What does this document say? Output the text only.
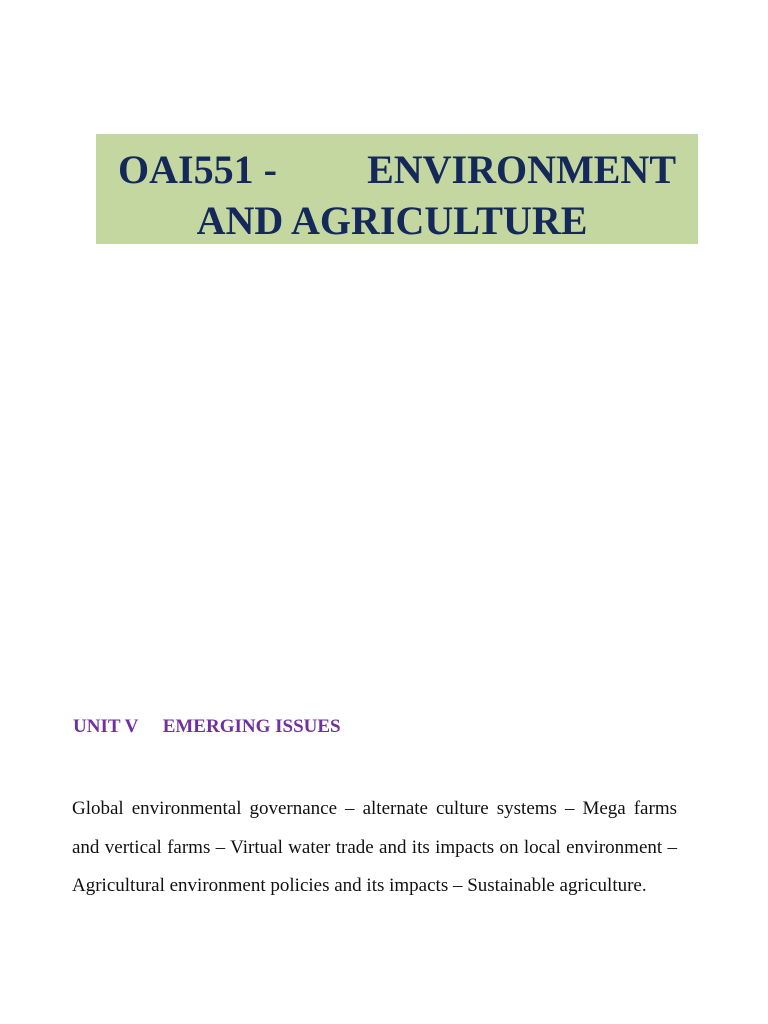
OAI551 - ENVIRONMENT
AND AGRICULTURE
UNIT V EMERGING ISSUES

Global environmental governance – alternate culture systems – Mega farms and vertical farms – Virtual water trade and its impacts on local environment – Agricultural environment policies and its impacts – Sustainable agriculture.
